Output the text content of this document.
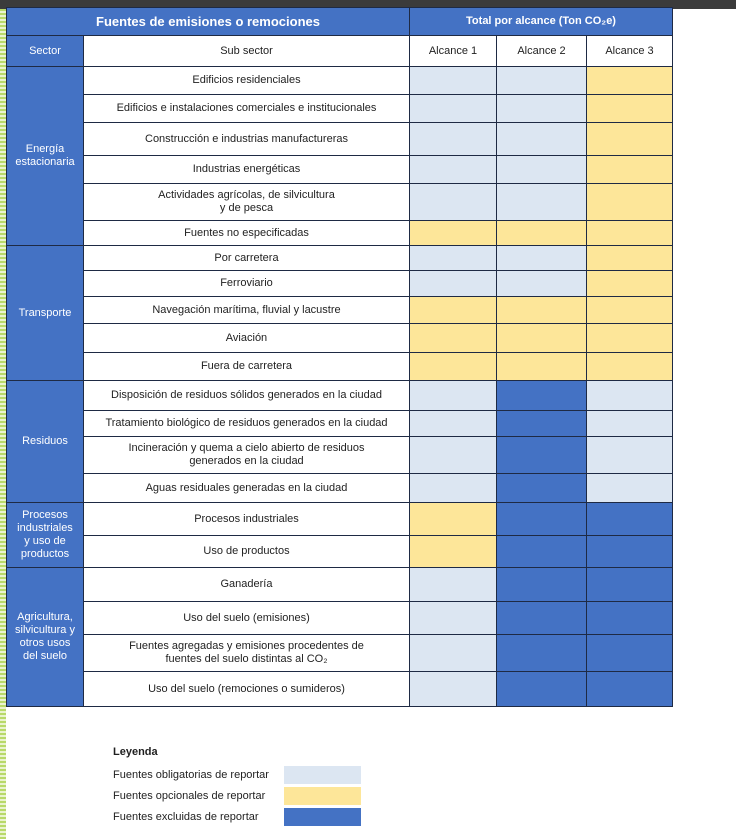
Fuentes de emisiones o remociones		Total por alcance (Ton CO₂e)		
Sector	Sub sector	Alcance 1	Alcance 2	Alcance 3
Energía
estacionaria	Edificios residenciales			
	Edificios e instalaciones comerciales e institucionales			
	Construcción e industrias manufactureras			
	Industrias energéticas			
	Actividades agrícolas, de silvicultura
y de pesca			
	Fuentes no especificadas			
Transporte	Por carretera			
	Ferroviario			
	Navegación marítima, fluvial y lacustre			
	Aviación			
	Fuera de carretera			
Residuos	Disposición de residuos sólidos generados en la ciudad			
	Tratamiento biológico de residuos generados en la ciudad			
	Incineración y quema a cielo abierto de residuos
generados en la ciudad			
	Aguas residuales generadas en la ciudad			
Procesos
industriales
y uso de
productos	Procesos industriales			
	Uso de productos			
Agricultura,
silvicultura y
otros usos
del suelo	Ganadería			
	Uso del suelo (emisiones)			
	Fuentes agregadas y emisiones procedentes de
fuentes del suelo distintas al CO₂			
	Uso del suelo (remociones o sumideros)			
Leyenda
Fuentes obligatorias de reportar
Fuentes opcionales de reportar
Fuentes excluidas de reportar
